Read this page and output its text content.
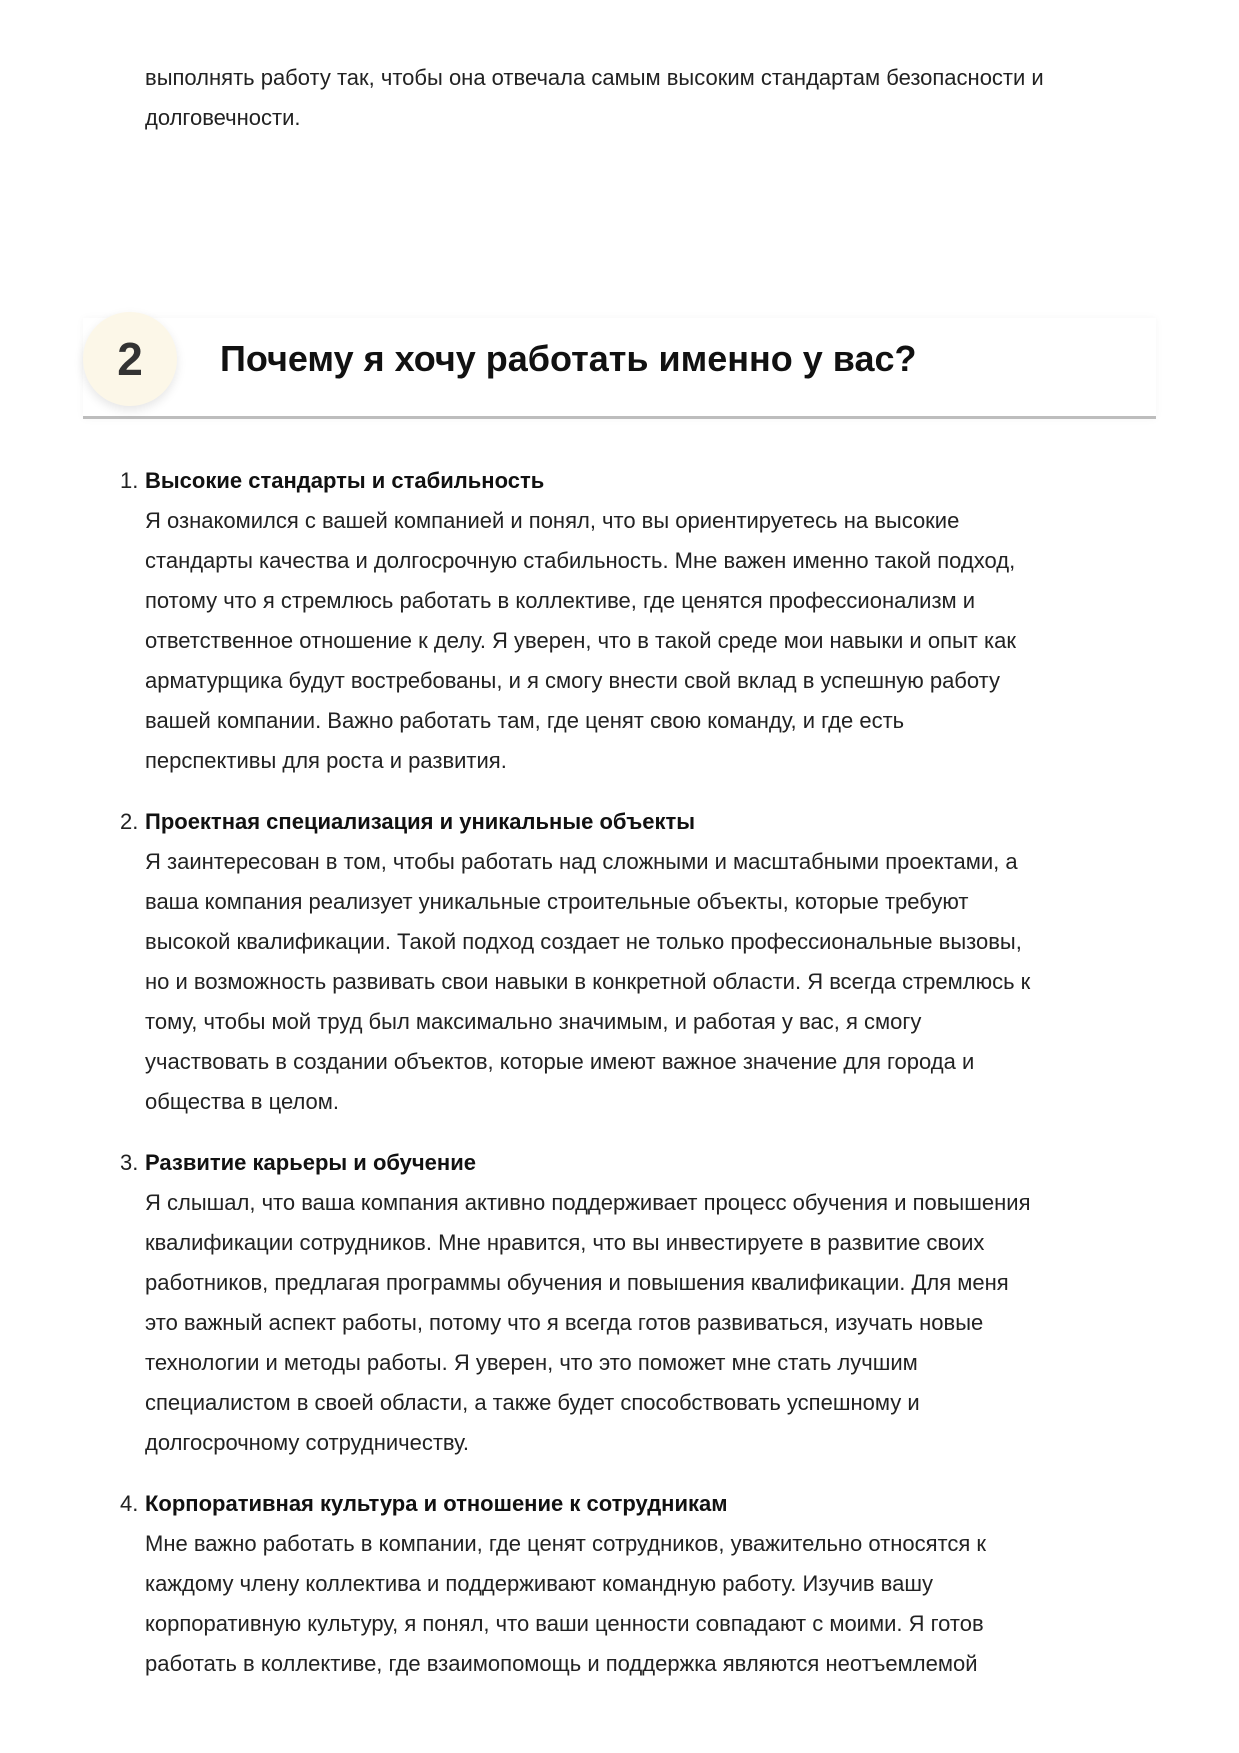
выполнять работу так, чтобы она отвечала самым высоким стандартам безопасности и
долговечности.
2	Почему я хочу работать именно у вас?
1. Высокие стандарты и стабильность
Я ознакомился с вашей компанией и понял, что вы ориентируетесь на высокие
стандарты качества и долгосрочную стабильность. Мне важен именно такой подход,
потому что я стремлюсь работать в коллективе, где ценятся профессионализм и
ответственное отношение к делу. Я уверен, что в такой среде мои навыки и опыт как
арматурщика будут востребованы, и я смогу внести свой вклад в успешную работу
вашей компании. Важно работать там, где ценят свою команду, и где есть
перспективы для роста и развития.
2. Проектная специализация и уникальные объекты
Я заинтересован в том, чтобы работать над сложными и масштабными проектами, а
ваша компания реализует уникальные строительные объекты, которые требуют
высокой квалификации. Такой подход создает не только профессиональные вызовы,
но и возможность развивать свои навыки в конкретной области. Я всегда стремлюсь к
тому, чтобы мой труд был максимально значимым, и работая у вас, я смогу
участвовать в создании объектов, которые имеют важное значение для города и
общества в целом.
3. Развитие карьеры и обучение
Я слышал, что ваша компания активно поддерживает процесс обучения и повышения
квалификации сотрудников. Мне нравится, что вы инвестируете в развитие своих
работников, предлагая программы обучения и повышения квалификации. Для меня
это важный аспект работы, потому что я всегда готов развиваться, изучать новые
технологии и методы работы. Я уверен, что это поможет мне стать лучшим
специалистом в своей области, а также будет способствовать успешному и
долгосрочному сотрудничеству.
4. Корпоративная культура и отношение к сотрудникам
Мне важно работать в компании, где ценят сотрудников, уважительно относятся к
каждому члену коллектива и поддерживают командную работу. Изучив вашу
корпоративную культуру, я понял, что ваши ценности совпадают с моими. Я готов
работать в коллективе, где взаимопомощь и поддержка являются неотъемлемой
